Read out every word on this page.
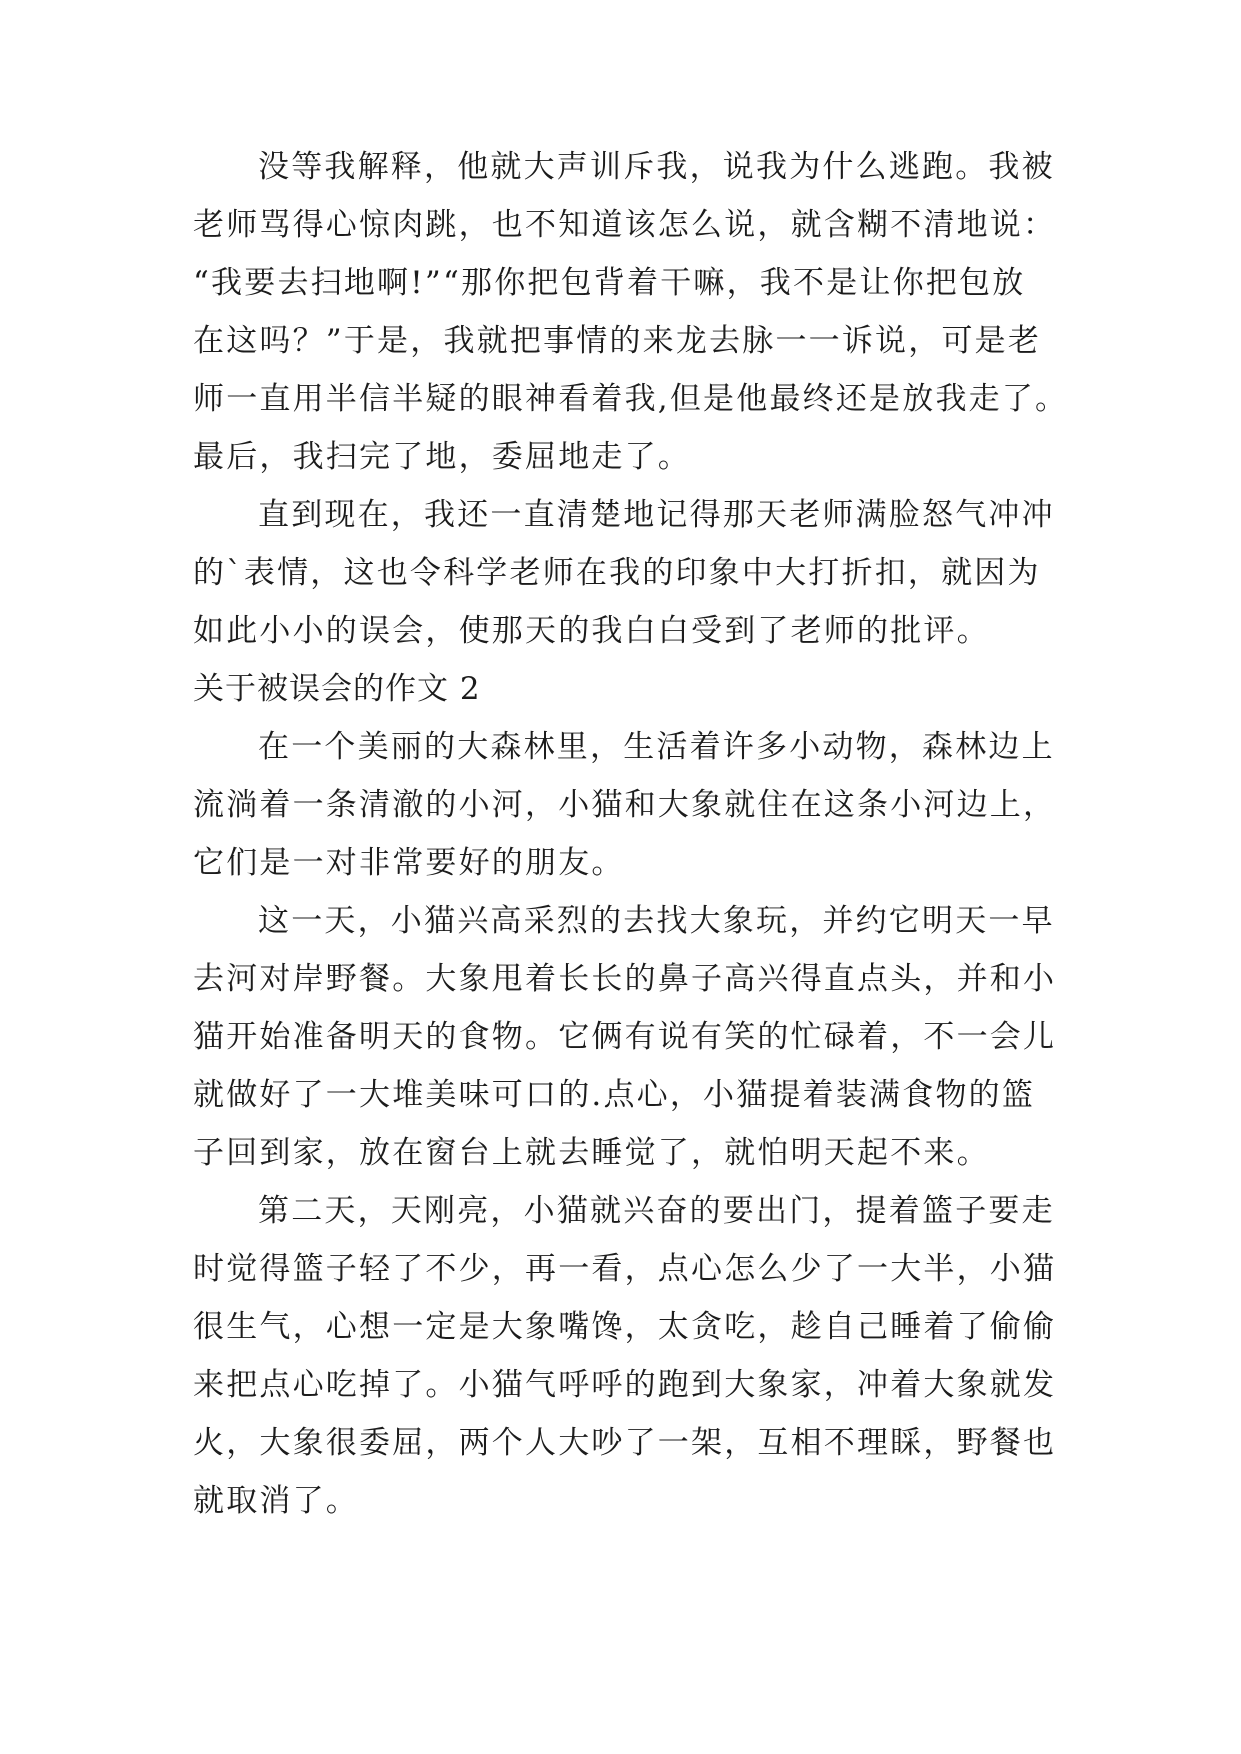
没等我解释，他就大声训斥我，说我为什么逃跑。我被
老师骂得心惊肉跳，也不知道该怎么说，就含糊不清地说：
“我要去扫地啊!”“那你把包背着干嘛，我不是让你把包放
在这吗？”于是，我就把事情的来龙去脉一一诉说，可是老
师一直用半信半疑的眼神看着我,但是他最终还是放我走了。
最后，我扫完了地，委屈地走了。
直到现在，我还一直清楚地记得那天老师满脸怒气冲冲
的`表情，这也令科学老师在我的印象中大打折扣，就因为
如此小小的误会，使那天的我白白受到了老师的批评。
关于被误会的作文 2
在一个美丽的大森林里，生活着许多小动物，森林边上
流淌着一条清澈的小河，小猫和大象就住在这条小河边上，
它们是一对非常要好的朋友。
这一天，小猫兴高采烈的去找大象玩，并约它明天一早
去河对岸野餐。大象甩着长长的鼻子高兴得直点头，并和小
猫开始准备明天的食物。它俩有说有笑的忙碌着，不一会儿
就做好了一大堆美味可口的.点心，小猫提着装满食物的篮
子回到家，放在窗台上就去睡觉了，就怕明天起不来。
第二天，天刚亮，小猫就兴奋的要出门，提着篮子要走
时觉得篮子轻了不少，再一看，点心怎么少了一大半，小猫
很生气，心想一定是大象嘴馋，太贪吃，趁自己睡着了偷偷
来把点心吃掉了。小猫气呼呼的跑到大象家，冲着大象就发
火，大象很委屈，两个人大吵了一架，互相不理睬，野餐也
就取消了。
